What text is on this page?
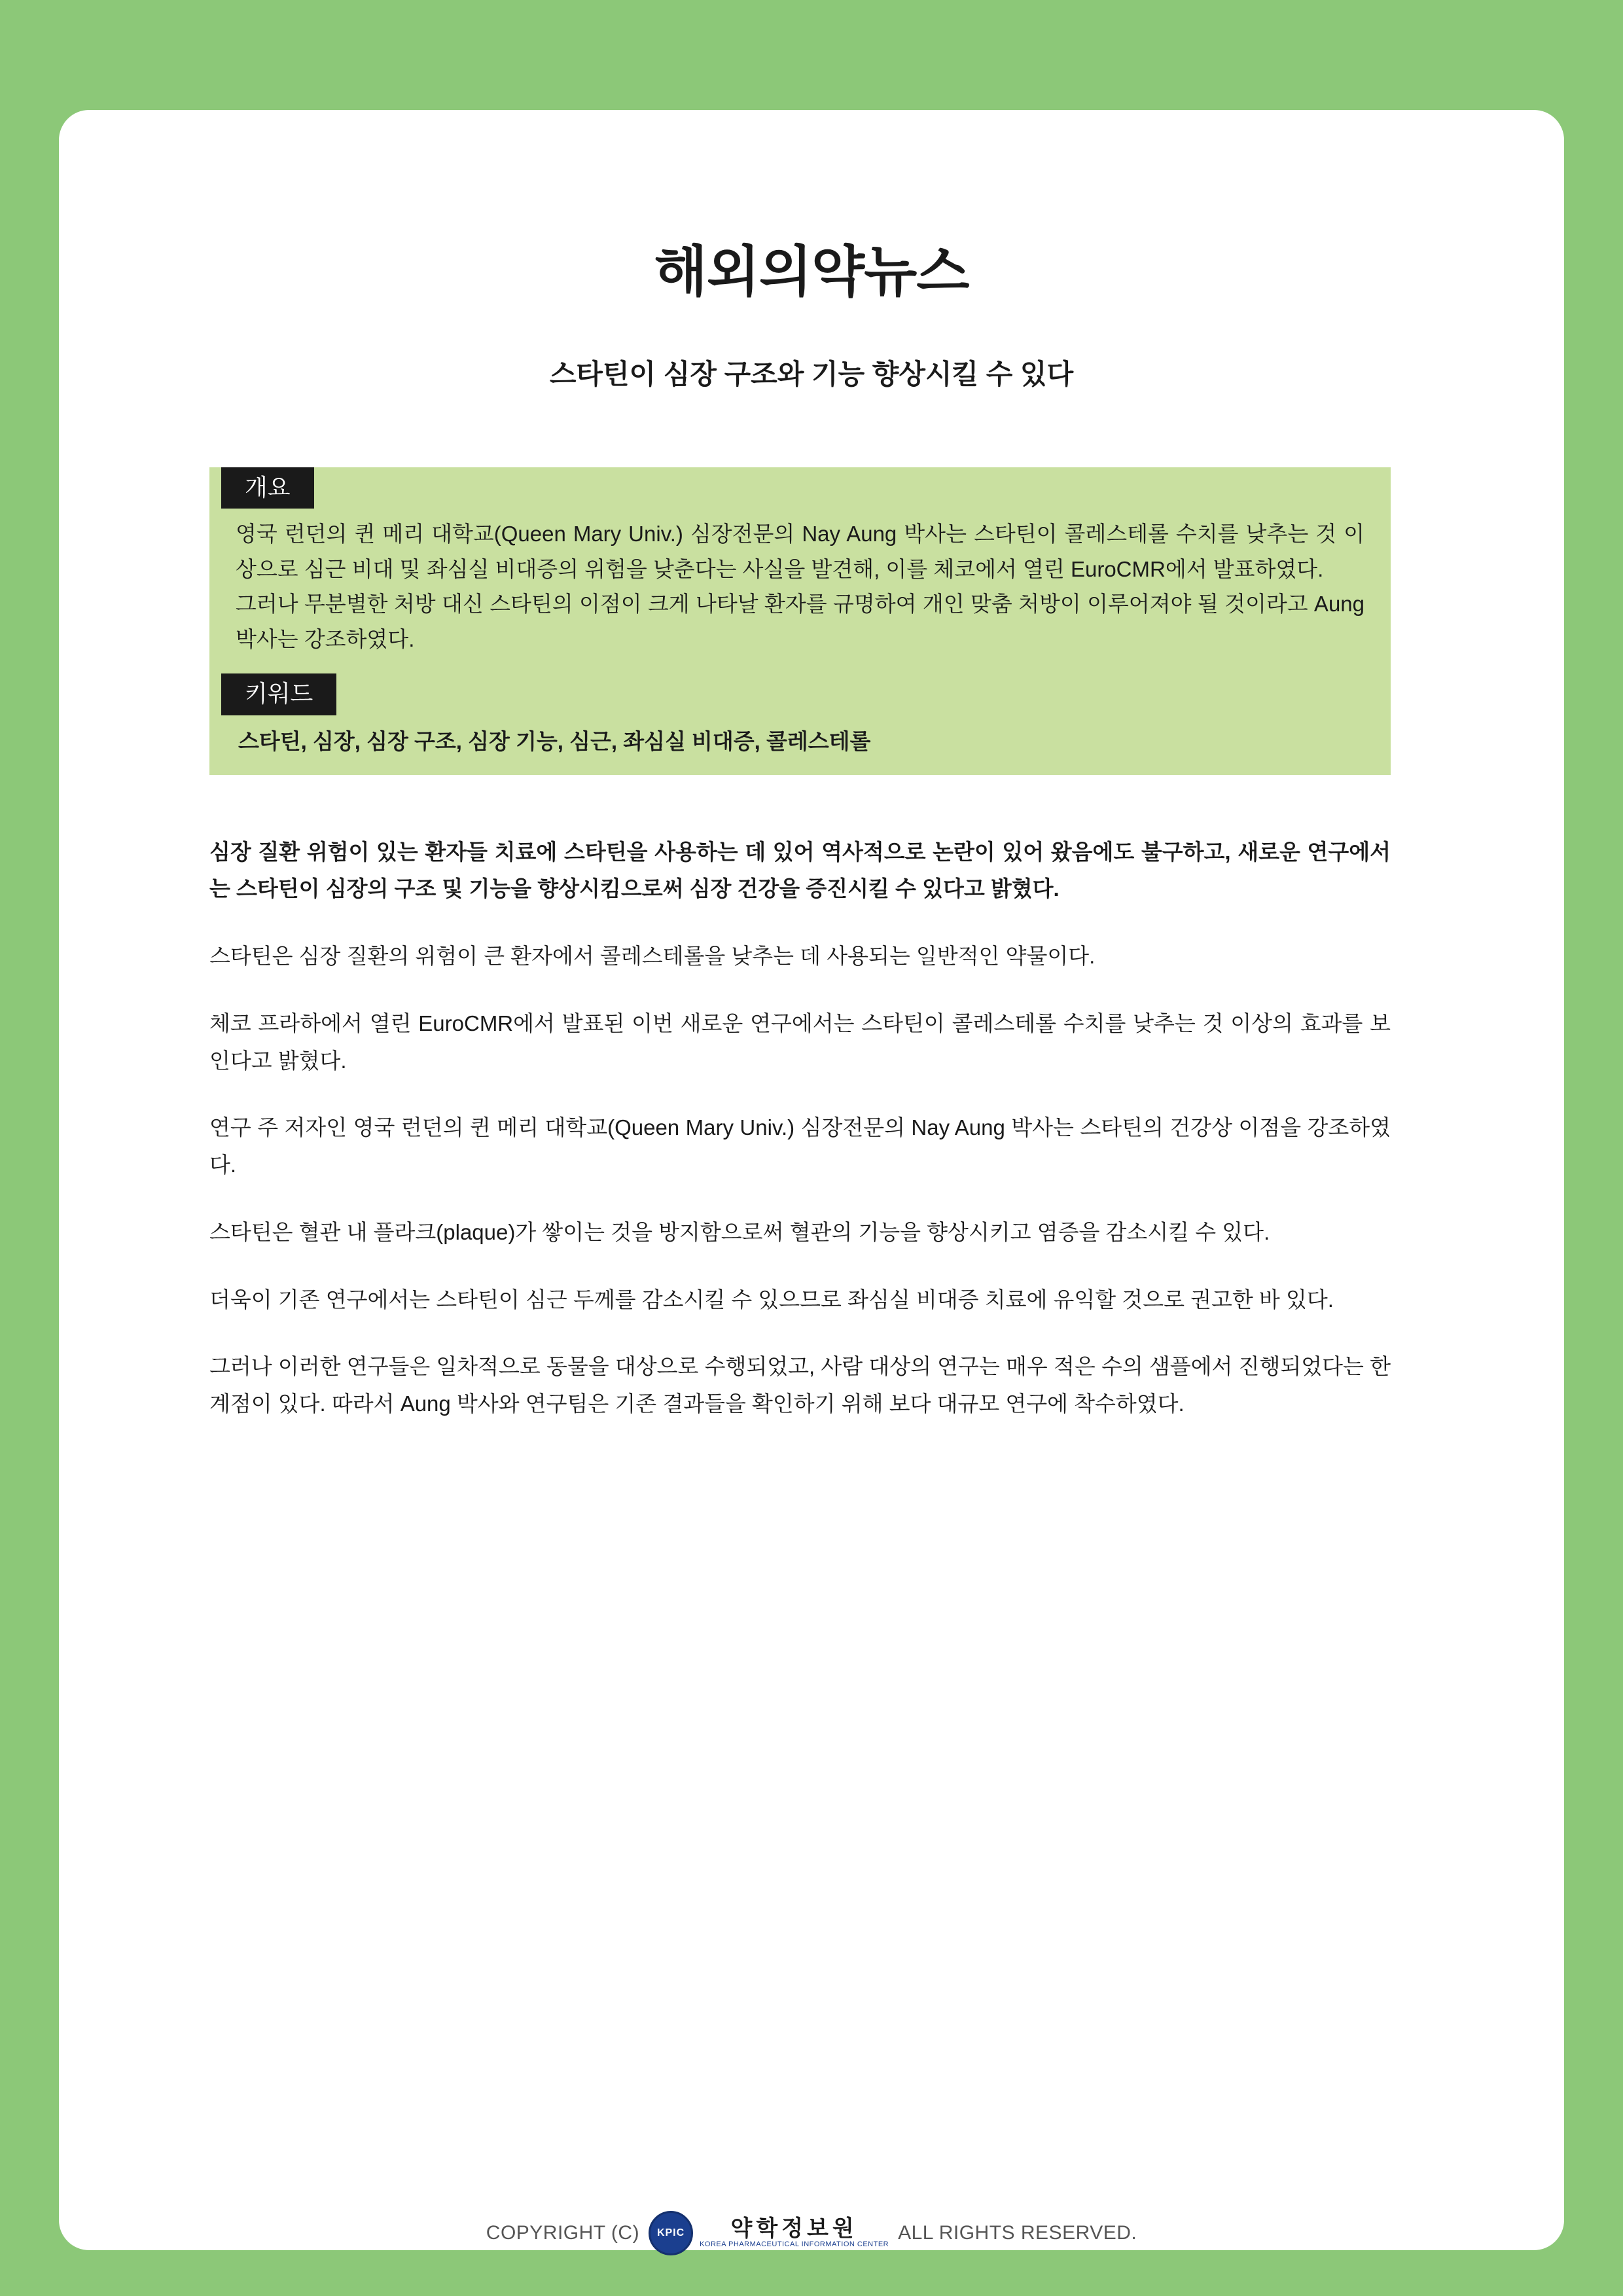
해외의약뉴스
스타틴이 심장 구조와 기능 향상시킬 수 있다
개요

영국 런던의 퀸 메리 대학교(Queen Mary Univ.) 심장전문의 Nay Aung 박사는 스타틴이 콜레스테롤 수치를 낮추는 것 이상으로 심근 비대 및 좌심실 비대증의 위험을 낮춘다는 사실을 발견해, 이를 체코에서 열린 EuroCMR에서 발표하였다.

그러나 무분별한 처방 대신 스타틴의 이점이 크게 나타날 환자를 규명하여 개인 맞춤 처방이 이루어져야 될 것이라고 Aung 박사는 강조하였다.

키워드
스타틴, 심장, 심장 구조, 심장 기능, 심근, 좌심실 비대증, 콜레스테롤

심장 질환 위험이 있는 환자들 치료에 스타틴을 사용하는 데 있어 역사적으로 논란이 있어 왔음에도 불구하고, 새로운 연구에서는 스타틴이 심장의 구조 및 기능을 향상시킴으로써 심장 건강을 증진시킬 수 있다고 밝혔다.

스타틴은 심장 질환의 위험이 큰 환자에서 콜레스테롤을 낮추는 데 사용되는 일반적인 약물이다.

체코 프라하에서 열린 EuroCMR에서 발표된 이번 새로운 연구에서는 스타틴이 콜레스테롤 수치를 낮추는 것 이상의 효과를 보인다고 밝혔다.

연구 주 저자인 영국 런던의 퀸 메리 대학교(Queen Mary Univ.) 심장전문의 Nay Aung 박사는 스타틴의 건강상 이점을 강조하였다.

스타틴은 혈관 내 플라크(plaque)가 쌓이는 것을 방지함으로써 혈관의 기능을 향상시키고 염증을 감소시킬 수 있다.

더욱이 기존 연구에서는 스타틴이 심근 두께를 감소시킬 수 있으므로 좌심실 비대증 치료에 유익할 것으로 권고한 바 있다.

그러나 이러한 연구들은 일차적으로 동물을 대상으로 수행되었고, 사람 대상의 연구는 매우 적은 수의 샘플에서 진행되었다는 한계점이 있다. 따라서 Aung 박사와 연구팀은 기존 결과들을 확인하기 위해 보다 대규모 연구에 착수하였다.

COPYRIGHT (C)	KPIC	약학정보원
KOREA PHARMACEUTICAL INFORMATION CENTER
ALL RIGHTS RESERVED.
